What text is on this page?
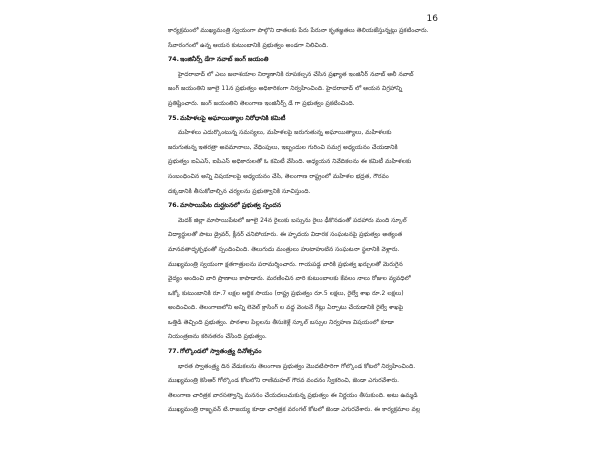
16
కార్యక్రమంలో ముఖ్యమంత్రి స్వయంగా పాల్గొని దాతలకు పేరు పేరునా కృతజ్ఞతలు తెలియజేస్తున్నట్లు ప్రకటించారు.
సేవారంగంలో ఉన్న ఆయన కుటుంబానికి ప్రభుత్వం అండగా నిలిచింది.
74.ఇంజినీర్స్ డేగా నవాబ్ జంగ్ జయంతి
హైదరాబాద్ లో ఎలు జలాశయాల నిర్మాణానికి రూపకల్పన చేసిన ప్రఖ్యాత ఇంజినీర్ నవాబ్ అలీ నవాబ్
జంగ్ జయంతిని జూలై 11న ప్రభుత్వం అధికారికంగా నిర్వహించింది. హైదరాబాద్ లో ఆయన విగ్రహాన్ని
ప్రతిష్టించారు. జంగ్ జయంతిని తెలంగాణ ఇంజినీర్స్ డే గా ప్రభుత్వం ప్రకటించింది.
75.మహిళలపై అఘాయిత్యాల నిరోధానికి కమిటీ
మహిళలు ఎదుర్కొంటున్న సమస్యలు, మహిళలపై జరుగుతున్న అఘాయిత్యాలు, మహిళలకు
జరుగుతున్న ఇతరత్రా అవమానాలు, వేధింపులు, ఇబ్బందుల గురించి సమగ్ర అధ్యయనం చేయడానికి
ప్రభుత్వం ఐఏఎస్, ఐపిఎస్ అధికారులతో ఓ కమిటీ వేసింది. అధ్యయన నివేదికలను ఈ కమిటీ మహిళలకు
సంబంధించిన అన్ని విషయాలపై అధ్యయనం చేసి, తెలంగాణ రాష్ట్రంలో మహిళల భద్రత, గౌరవం
దక్కడానికి తీసుకోవాల్సిన చర్యలను ప్రభుత్వానికి సూచిస్తుంది.
76.మాసాయిపేట దుర్ఘటనలో ప్రభుత్వ స్పందన
మెదక్ జిల్లా మాసాయిపేటలో జూలై 24న రైలుకు బస్సును రైలు ఢీకొనడంతో పదహారు మంది స్కూల్
విద్యార్థులతో పాటు డ్రైవర్, క్లీనర్ చనిపోయారు. ఈ హృదయ విదారక సంఘటనపై ప్రభుత్వం అత్యంత
మానవతాదృక్పథంతో స్పందించింది. తెలుగుదు మంత్రులు హుటాహుటిన సంఘటనా స్థలానికి వెళ్లారు.
ముఖ్యమంత్రి స్వయంగా క్షతగాత్రులను పరామర్శించారు. గాయపడ్డ వారికి ప్రభుత్వ ఖర్చులతో మెరుగైన
వైద్యం అందించి వారి ప్రాణాలు కాపాడారు. మరణించిన వారి కుటుంబాలకు కేవలం నాలు రోజుల వ్యవధిలో
ఒక్కో కుటుంబానికి రూ.7 లక్షల ఆర్థిక సాయం (రాష్ట్ర ప్రభుత్వం రూ.5 లక్షలు, రైల్వే శాఖ రూ.2 లక్షలు)
అందించింది. తెలంగాణలోని అన్ని లెవెల్ క్రాసింగ్ ల వద్ద వెంటనే గేట్లు ఏర్పాటు చేయడానికి రైల్వే శాఖపై
ఒత్తిడి తెచ్చింది ప్రభుత్వం. పాఠశాల పిల్లలను తీసుకెళ్లే స్కూల్ బస్సుల నిర్వహణ విషయంలో కూడా
నియంత్రణను కఠినతరం చేసింది ప్రభుత్వం.
77.గోల్కొండలో స్వాతంత్ర్య దినోత్సవం
భారత స్వాతంత్ర్య దిన వేడుకలను తెలంగాణ ప్రభుత్వం మొదటిసారిగా గోల్కొండ కోటలో నిర్వహించింది.
ముఖ్యమంత్రి కెసిఆర్ గోల్కొండ కోటలోని రాణిమహల్ గౌరవ వందనం స్వీకరించి, జెండా ఎగురవేశారు.
తెలంగాణ చారిత్రక వారసత్వాన్ని మననం చేయదలుచుకున్న ప్రభుత్వం ఈ నిర్ణయం తీసుకుంది. అటు ఉమ్మడి
ముఖ్యమంత్రి రాజ్భవన్ టి.రాజయ్య కూడా చారిత్రక వరంగల్ కోటలో జెండా ఎగురవేశారు. ఈ కార్యక్రమాల వల్ల
